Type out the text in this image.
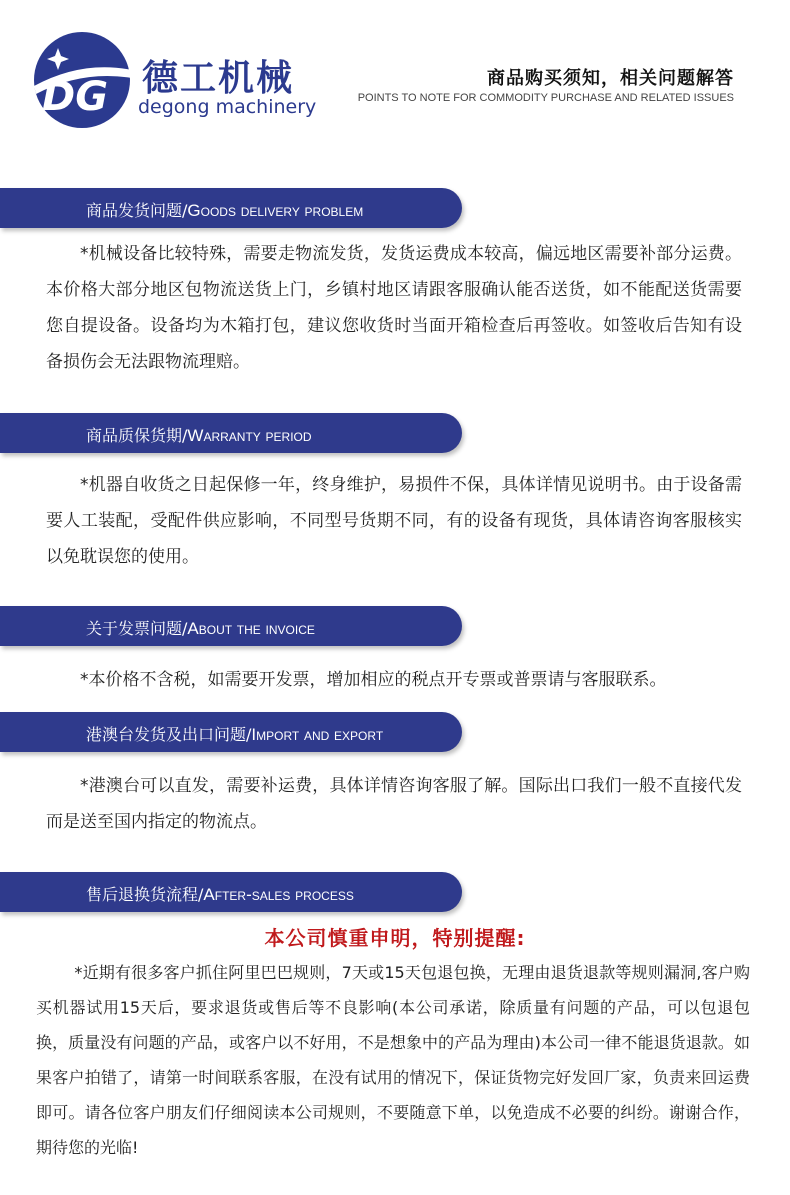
DG 德工机械
degong machinery
商品购买须知，相关问题解答
POINTS TO NOTE FOR COMMODITY PURCHASE AND RELATED ISSUES
商品发货问题/Goods delivery problem

*机械设备比较特殊，需要走物流发货，发货运费成本较高，偏远地区需要补部分运费。本价格大部分地区包物流送货上门，乡镇村地区请跟客服确认能否送货，如不能配送货需要您自提设备。设备均为木箱打包，建议您收货时当面开箱检查后再签收。如签收后告知有设备损伤会无法跟物流理赔。

商品质保货期/Warranty period

*机器自收货之日起保修一年，终身维护，易损件不保，具体详情见说明书。由于设备需要人工装配，受配件供应影响，不同型号货期不同，有的设备有现货，具体请咨询客服核实以免耽误您的使用。

关于发票问题/About the invoice

*本价格不含税，如需要开发票，增加相应的税点开专票或普票请与客服联系。

港澳台发货及出口问题/Import and export

*港澳台可以直发，需要补运费，具体详情咨询客服了解。国际出口我们一般不直接代发而是送至国内指定的物流点。

售后退换货流程/After-sales process
本公司慎重申明，特别提醒:

*近期有很多客户抓住阿里巴巴规则，7天或15天包退包换，无理由退货退款等规则漏洞,客户购买机器试用15天后，要求退货或售后等不良影响(本公司承诺，除质量有问题的产品，可以包退包换，质量没有问题的产品，或客户以不好用，不是想象中的产品为理由)本公司一律不能退货退款。如果客户拍错了，请第一时间联系客服，在没有试用的情况下，保证货物完好发回厂家，负责来回运费即可。请各位客户朋友们仔细阅读本公司规则，不要随意下单，以免造成不必要的纠纷。谢谢合作，期待您的光临!
